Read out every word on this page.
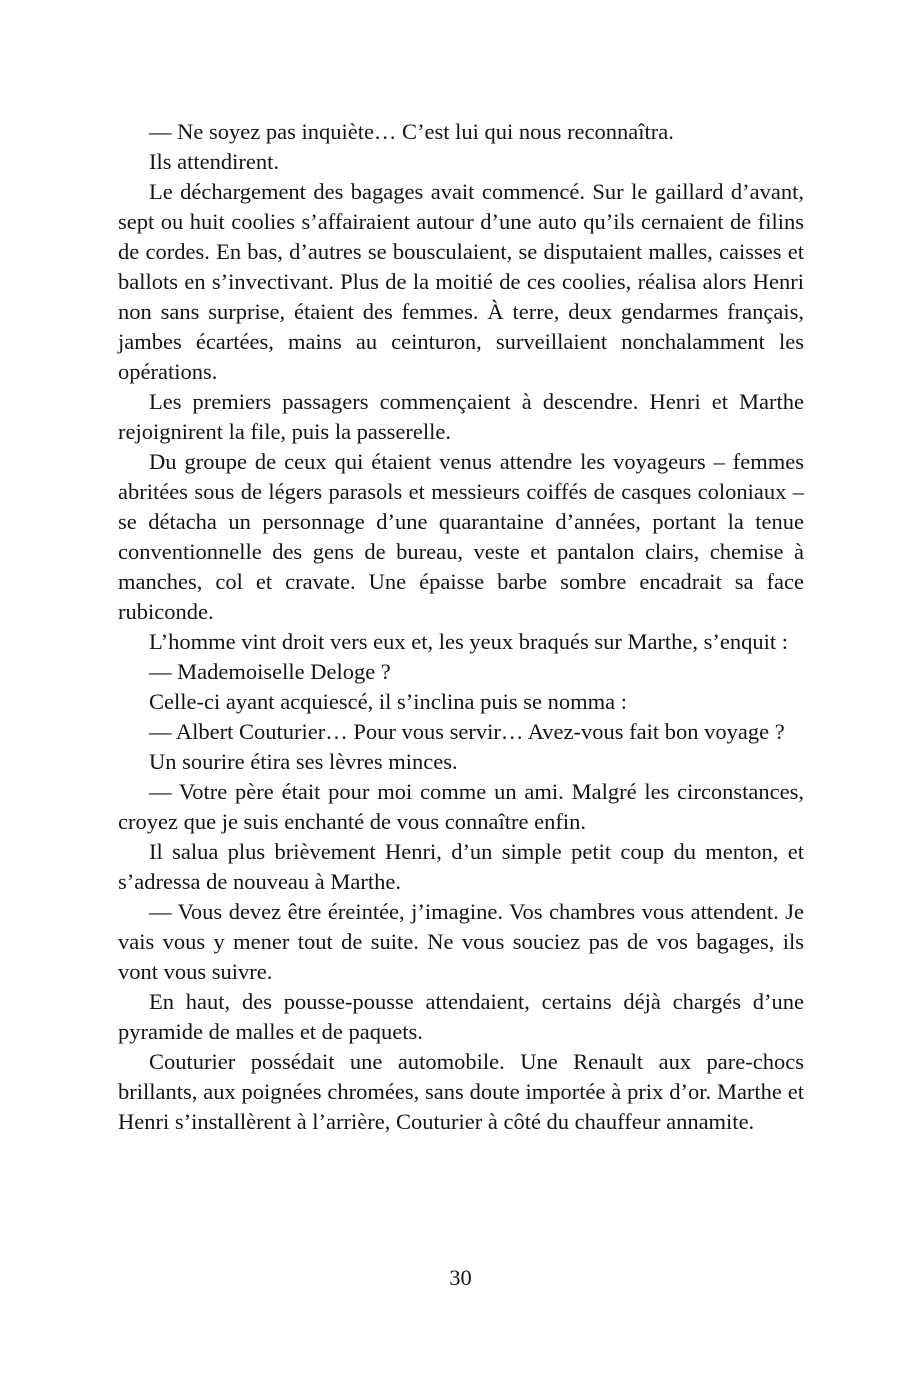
— Ne soyez pas inquiète… C’est lui qui nous reconnaîtra.

Ils attendirent.

Le déchargement des bagages avait commencé. Sur le gaillard d’avant, sept ou huit coolies s’affairaient autour d’une auto qu’ils cernaient de filins de cordes. En bas, d’autres se bousculaient, se disputaient malles, caisses et ballots en s’invectivant. Plus de la moitié de ces coolies, réalisa alors Henri non sans surprise, étaient des femmes. À terre, deux gendarmes français, jambes écartées, mains au ceinturon, surveillaient nonchalamment les opérations.

Les premiers passagers commençaient à descendre. Henri et Marthe rejoignirent la file, puis la passerelle.

Du groupe de ceux qui étaient venus attendre les voyageurs – femmes abritées sous de légers parasols et messieurs coiffés de casques coloniaux – se détacha un personnage d’une quarantaine d’années, portant la tenue conventionnelle des gens de bureau, veste et pantalon clairs, chemise à manches, col et cravate. Une épaisse barbe sombre encadrait sa face rubiconde.

L’homme vint droit vers eux et, les yeux braqués sur Marthe, s’enquit :

— Mademoiselle Deloge ?

Celle-ci ayant acquiescé, il s’inclina puis se nomma :

— Albert Couturier… Pour vous servir… Avez-vous fait bon voyage ?

Un sourire étira ses lèvres minces.

— Votre père était pour moi comme un ami. Malgré les circonstances, croyez que je suis enchanté de vous connaître enfin.

Il salua plus brièvement Henri, d’un simple petit coup du menton, et s’adressa de nouveau à Marthe.

— Vous devez être éreintée, j’imagine. Vos chambres vous attendent. Je vais vous y mener tout de suite. Ne vous souciez pas de vos bagages, ils vont vous suivre.

En haut, des pousse-pousse attendaient, certains déjà chargés d’une pyramide de malles et de paquets.

Couturier possédait une automobile. Une Renault aux pare-chocs brillants, aux poignées chromées, sans doute importée à prix d’or. Marthe et Henri s’installèrent à l’arrière, Couturier à côté du chauffeur annamite.

30
